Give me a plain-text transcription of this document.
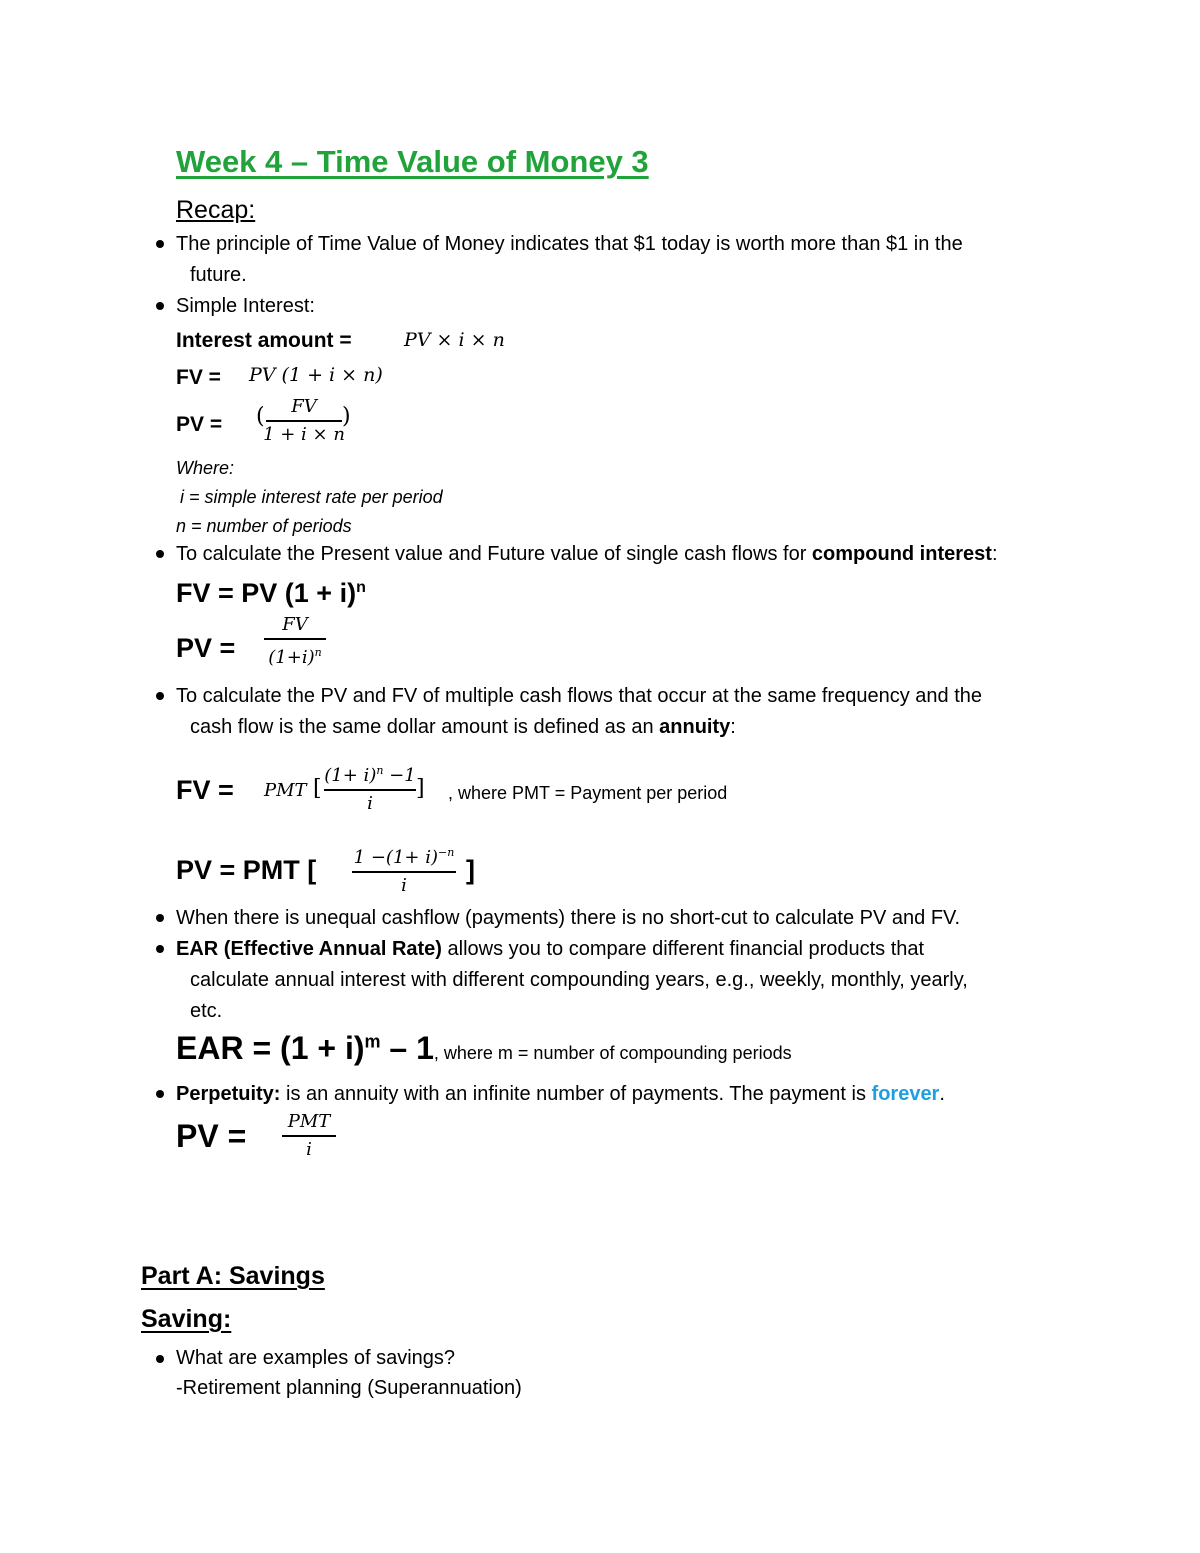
Week 4 – Time Value of Money 3
Recap:
The principle of Time Value of Money indicates that $1 today is worth more than $1 in the
future.
Simple Interest:
Interest amount =	PV × i × n
FV = PV (1 + i × n)
PV = ( FV
1 + i × n
)
Where:
i = simple interest rate per period
n = number of periods
To calculate the Present value and Future value of single cash flows for compound interest:
FV = PV $(1 + i)^n$
PV =
FV
$(1+i)^n$
To calculate the PV and FV of multiple cash flows that occur at the same frequency and the
cash flow is the same dollar amount is defined as an annuity:
FV = PMT [
$(1+ i)^n -1$
i
] , where PMT = Payment per period
PV = PMT [ $1 -(1+ i)^{-n}$
i ]
When there is unequal cashflow (payments) there is no short-cut to calculate PV and FV.
EAR (Effective Annual Rate) allows you to compare different financial products that
calculate annual interest with different compounding years, e.g., weekly, monthly, yearly,
etc.
EAR = $(1 + i)^m - 1$, where m = number of compounding periods
Perpetuity: is an annuity with an infinite number of payments. The payment is forever.
PV = PMT
i
Part A: Savings
Saving:
What are examples of savings?
-Retirement planning (Superannuation)
